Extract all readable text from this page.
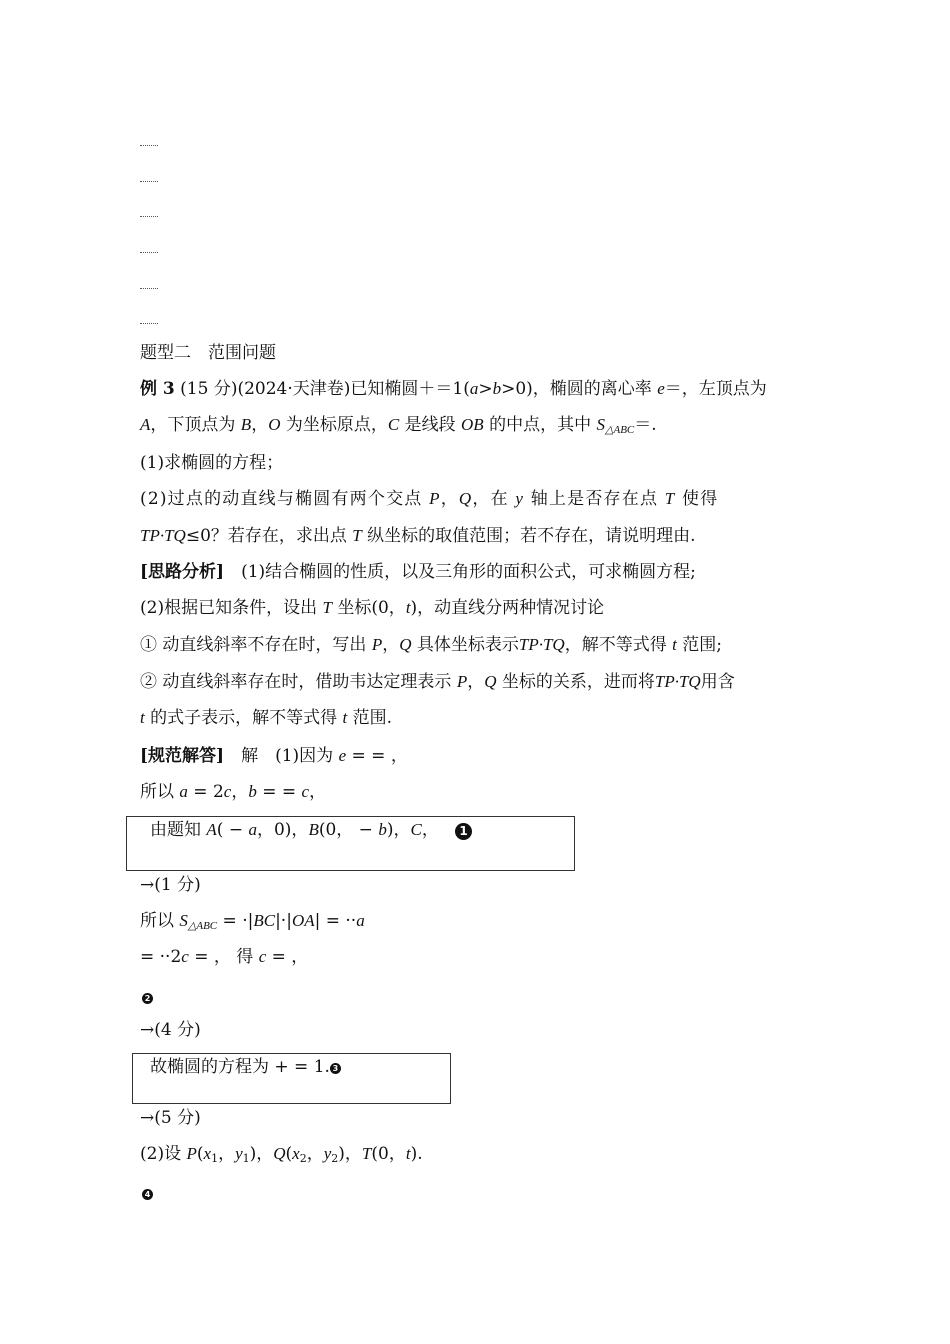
题型二　范围问题
例 3 (15 分)(2024·天津卷)已知椭圆＋＝1(a>b>0)，椭圆的离心率 e＝，左顶点为
A，下顶点为 B，O 为坐标原点，C 是线段 OB 的中点，其中 $S_{\triangle ABC}=$.
(1)求椭圆的方程；
(2)过点的动直线与椭圆有两个交点 P，Q，在 y 轴上是否存在点 T 使得
TP·TQ≤0？若存在，求出点 T 纵坐标的取值范围；若不存在，请说明理由.
[思路分析]　(1)结合椭圆的性质，以及三角形的面积公式，可求椭圆方程;
(2)根据已知条件，设出 T 坐标(0，t)，动直线分两种情况讨论
① 动直线斜率不存在时，写出 P，Q 具体坐标表示TP·TQ，解不等式得 t 范围;
② 动直线斜率存在时，借助韦达定理表示 P，Q 坐标的关系，进而将TP·TQ用含
t 的式子表示，解不等式得 t 范围.
[规范解答]　解　(1)因为 e = = ，
所以 a = 2c，b = = c，
由题知 A( − a，0)，B(0， − b)，C，	1
→(1 分)
所以 $S_{\triangle ABC} = \cdot|BC|\cdot|OA| = \cdot\cdot a$
= ··2c = ， 得 c = ，
2
→(4 分)
故椭圆的方程为 + = 1. 3
→(5 分)
(2)设 $P(x_1$，$y_1$)，$Q(x_2$，$y_2$)，T(0，t).
4
